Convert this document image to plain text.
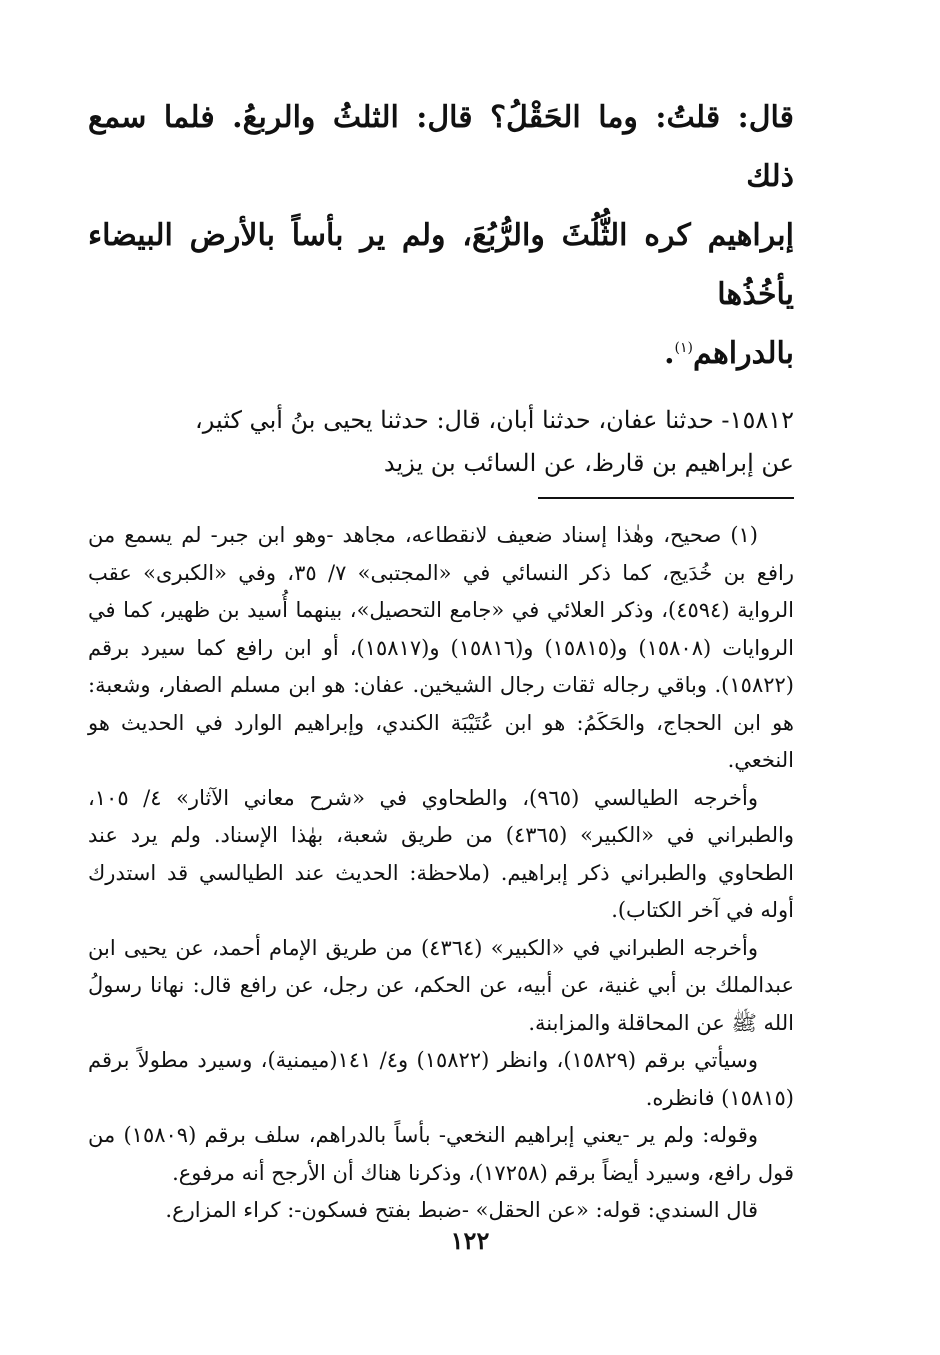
قال: قلتُ: وما الحَقْلُ؟ قال: الثلثُ والربعُ. فلما سمع ذلك

إبراهيم كره الثُّلُثَ والرُّبُعَ، ولم ير بأساً بالأرض البيضاء يأخُذُها

بالدراهم$^{(١)}$.

١٥٨١٢- حدثنا عفان، حدثنا أبان، قال: حدثنا يحيى بنُ أبي كثير،

عن إبراهيم بن قارظ، عن السائب بن يزيد

(١) صحيح، وهٰذا إسناد ضعيف لانقطاعه، مجاهد -وهو ابن جبر- لم يسمع من رافع بن خُدَيج، كما ذكر النسائي في «المجتبى» ٧/ ٣٥، وفي «الكبرى» عقب الرواية (٤٥٩٤)، وذكر العلائي في «جامع التحصيل»، بينهما أُسيد بن ظهير، كما في الروايات (١٥٨٠٨) و(١٥٨١٥) و(١٥٨١٦) و(١٥٨١٧)، أو ابن رافع كما سيرد برقم (١٥٨٢٢). وباقي رجاله ثقات رجال الشيخين. عفان: هو ابن مسلم الصفار، وشعبة: هو ابن الحجاج، والحَكَمُ: هو ابن عُتَيْبَة الكندي، وإبراهيم الوارد في الحديث هو النخعي.

وأخرجه الطيالسي (٩٦٥)، والطحاوي في «شرح معاني الآثار» ٤/ ١٠٥، والطبراني في «الكبير» (٤٣٦٥) من طريق شعبة، بهٰذا الإسناد. ولم يرد عند الطحاوي والطبراني ذكر إبراهيم. (ملاحظة: الحديث عند الطيالسي قد استدرك أوله في آخر الكتاب).

وأخرجه الطبراني في «الكبير» (٤٣٦٤) من طريق الإمام أحمد، عن يحيى ابن عبدالملك بن أبي غنية، عن أبيه، عن الحكم، عن رجل، عن رافع قال: نهانا رسولُ الله ﷺ عن المحاقلة والمزابنة.

وسيأتي برقم (١٥٨٢٩)، وانظر (١٥٨٢٢) و٤/ ١٤١(ميمنية)، وسيرد مطولاً برقم (١٥٨١٥) فانظره.

وقوله: ولم ير -يعني إبراهيم النخعي- بأساً بالدراهم، سلف برقم (١٥٨٠٩) من قول رافع، وسيرد أيضاً برقم (١٧٢٥٨)، وذكرنا هناك أن الأرجح أنه مرفوع.

قال السندي: قوله: «عن الحقل» -ضبط بفتح فسكون-: كراء المزارع.

١٢٢
